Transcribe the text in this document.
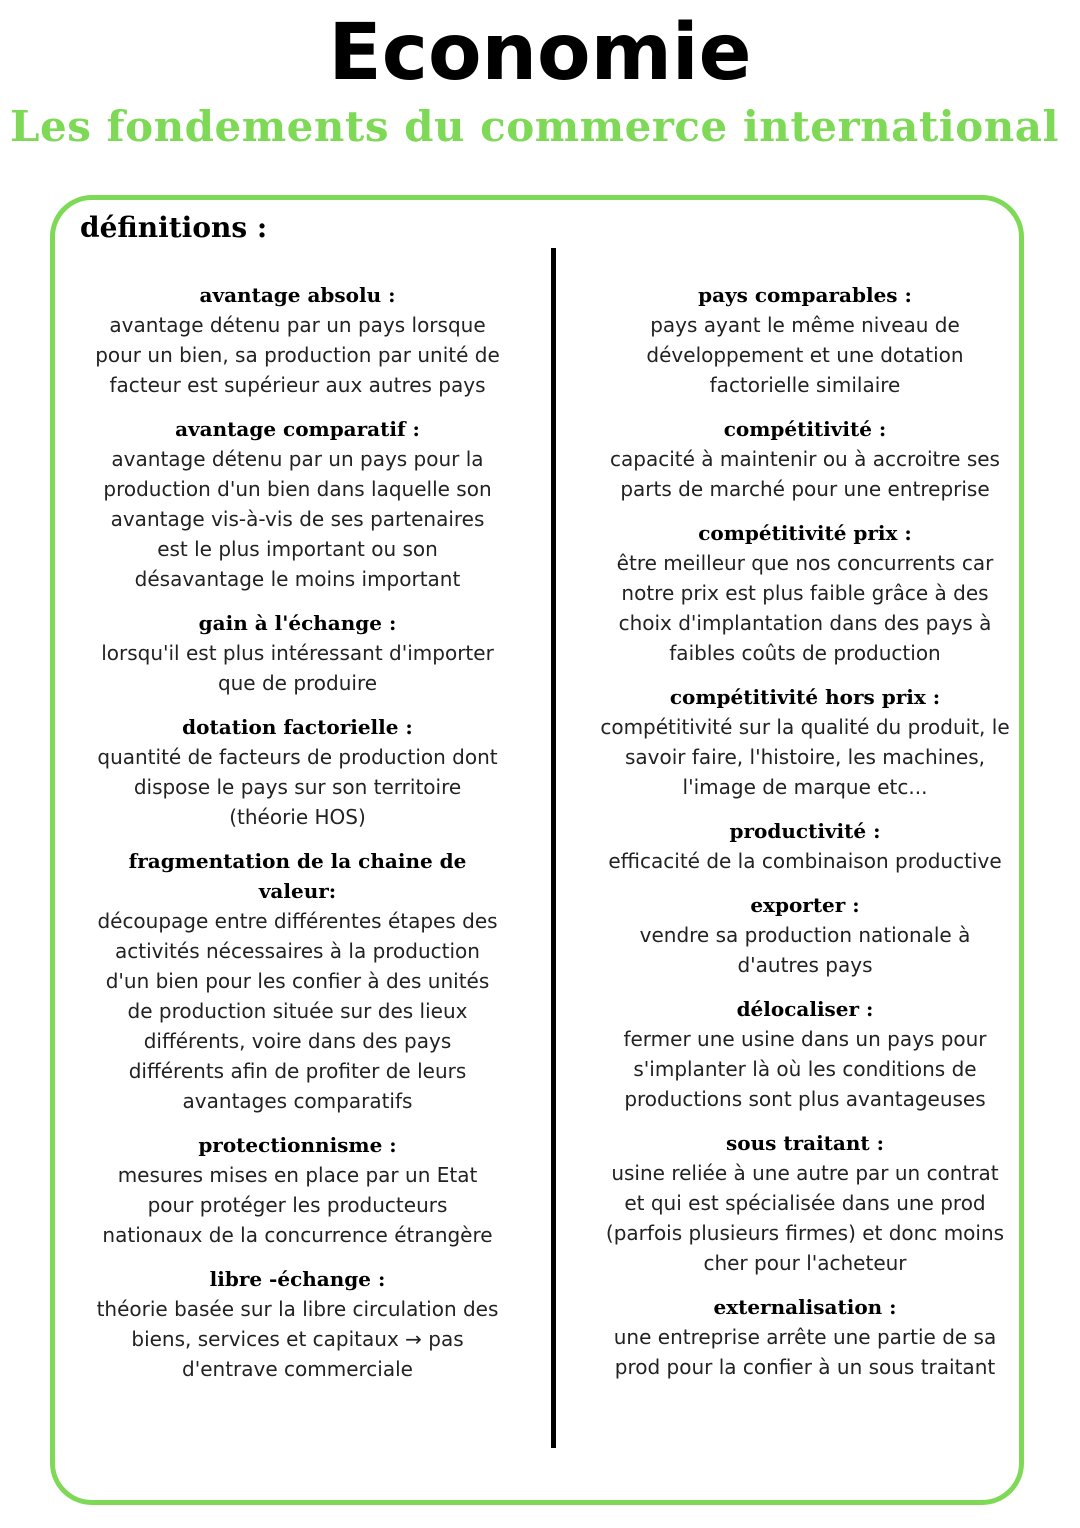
Economie
Les fondements du commerce international
définitions :

avantage absolu :

avantage détenu par un pays lorsque pour un bien, sa production par unité de facteur est supérieur aux autres pays

avantage comparatif :

avantage détenu par un pays pour la production d'un bien dans laquelle son avantage vis-à-vis de ses partenaires est le plus important ou son désavantage le moins important

gain à l'échange :

lorsqu'il est plus intéressant d'importer que de produire

dotation factorielle :

quantité de facteurs de production dont dispose le pays sur son territoire (théorie HOS)

fragmentation de la chaine de valeur:

découpage entre différentes étapes des activités nécessaires à la production d'un bien pour les confier à des unités de production située sur des lieux différents, voire dans des pays différents afin de profiter de leurs avantages comparatifs

protectionnisme :

mesures mises en place par un Etat pour protéger les producteurs nationaux de la concurrence étrangère

libre -échange :

théorie basée sur la libre circulation des biens, services et capitaux → pas d'entrave commerciale

pays comparables :

pays ayant le même niveau de développement et une dotation factorielle similaire

compétitivité :

capacité à maintenir ou à accroitre ses parts de marché pour une entreprise

compétitivité prix :

être meilleur que nos concurrents car notre prix est plus faible grâce à des choix d'implantation dans des pays à faibles coûts de production

compétitivité hors prix :

compétitivité sur la qualité du produit, le savoir faire, l'histoire, les machines, l'image de marque etc...

productivité :

efficacité de la combinaison productive

exporter :

vendre sa production nationale à d'autres pays

délocaliser :

fermer une usine dans un pays pour s'implanter là où les conditions de productions sont plus avantageuses

sous traitant :

usine reliée à une autre par un contrat et qui est spécialisée dans une prod (parfois plusieurs firmes) et donc moins cher pour l'acheteur

externalisation :

une entreprise arrête une partie de sa prod pour la confier à un sous traitant
